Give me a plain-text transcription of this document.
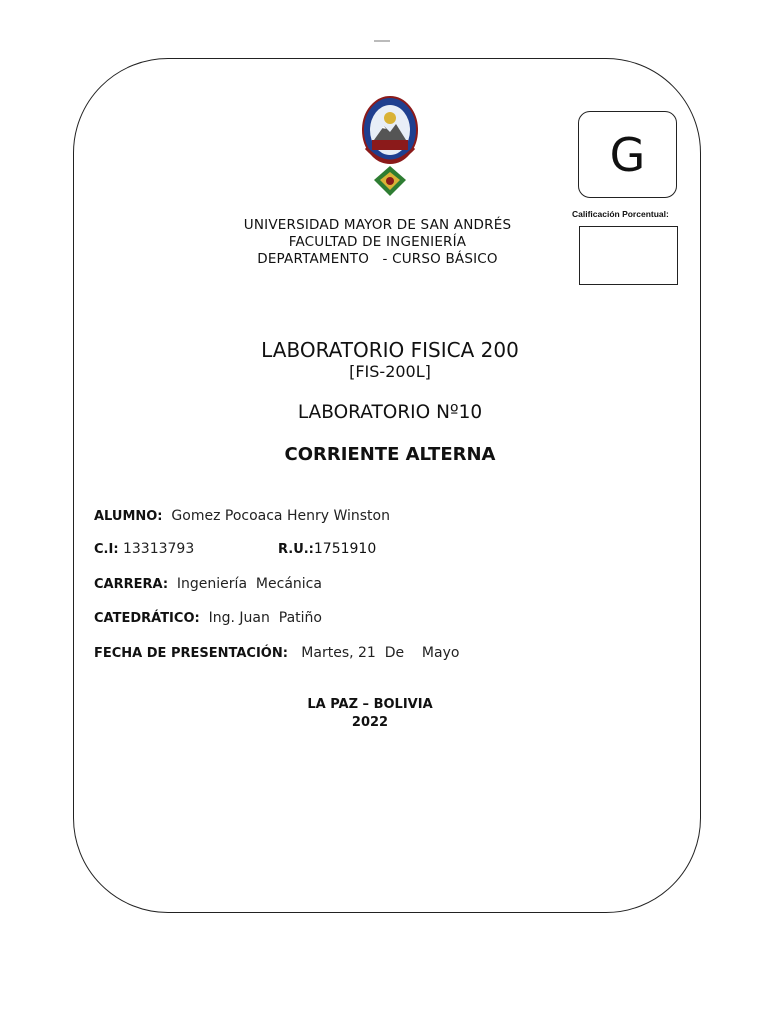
G
Calificación Porcentual:
UNIVERSIDAD MAYOR DE SAN ANDRÉS
FACULTAD DE INGENIERÍA
DEPARTAMENTO   - CURSO BÁSICO
LABORATORIO FISICA 200
[FIS-200L]
LABORATORIO Nº10
CORRIENTE ALTERNA
ALUMNO: Gomez Pocoaca Henry Winston
C.I: 13313793	R.U.:1751910
CARRERA: Ingeniería  Mecánica
CATEDRÁTICO: Ing. Juan  Patiño
FECHA DE PRESENTACIÓN: Martes, 21  De    Mayo
LA PAZ – BOLIVIA
2022
